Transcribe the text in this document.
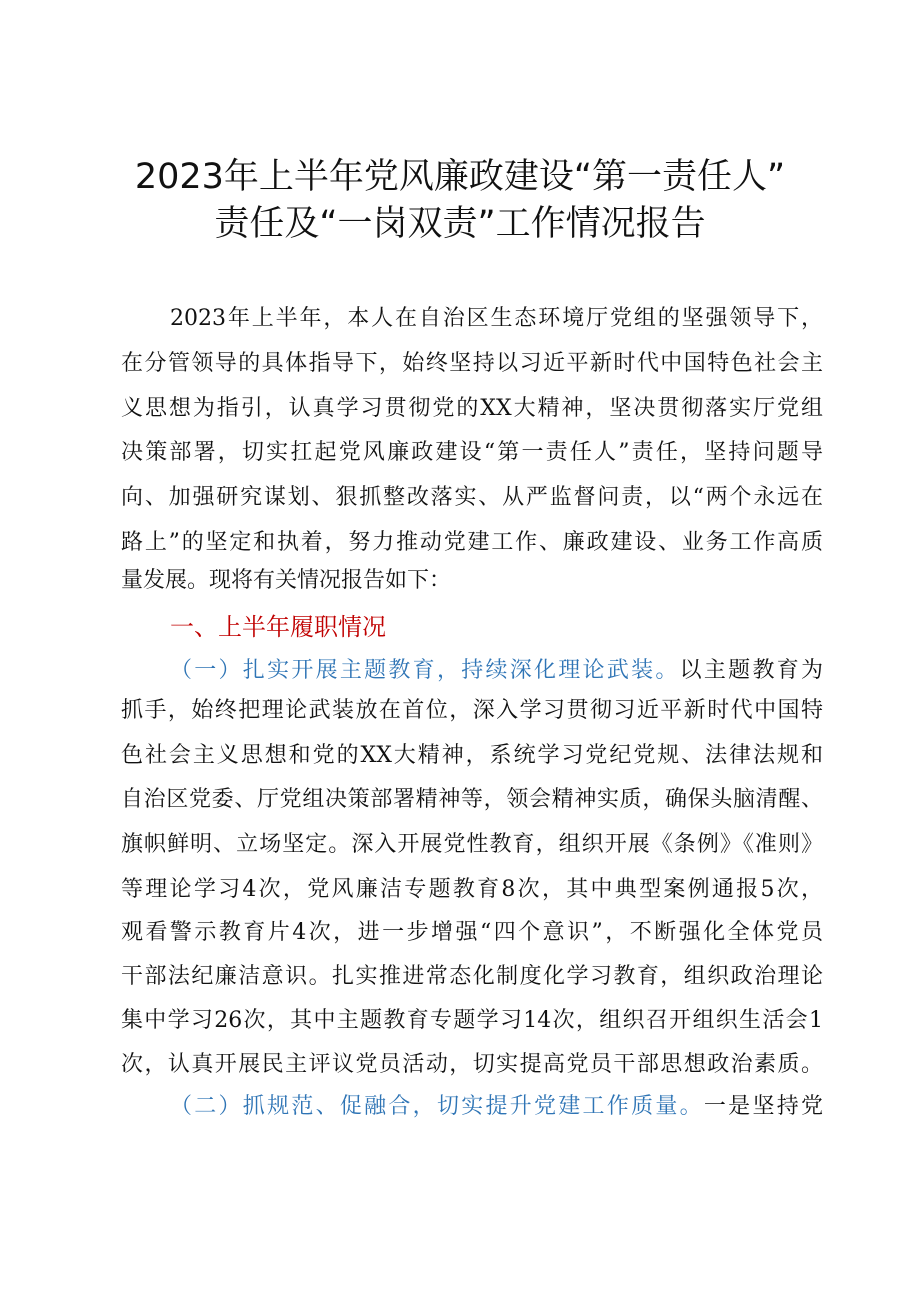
2023年上半年党风廉政建设“第一责任人”
责任及“一岗双责”工作情况报告
2023年上半年，本人在自治区生态环境厅党组的坚强领导下，
在分管领导的具体指导下，始终坚持以习近平新时代中国特色社会主
义思想为指引，认真学习贯彻党的XX大精神，坚决贯彻落实厅党组
决策部署，切实扛起党风廉政建设“第一责任人”责任，坚持问题导
向、加强研究谋划、狠抓整改落实、从严监督问责，以“两个永远在
路上”的坚定和执着，努力推动党建工作、廉政建设、业务工作高质
量发展。现将有关情况报告如下：
一、上半年履职情况
（一）扎实开展主题教育，持续深化理论武装。以主题教育为
抓手，始终把理论武装放在首位，深入学习贯彻习近平新时代中国特
色社会主义思想和党的XX大精神，系统学习党纪党规、法律法规和
自治区党委、厅党组决策部署精神等，领会精神实质，确保头脑清醒、
旗帜鲜明、立场坚定。深入开展党性教育，组织开展《条例》《准则》
等理论学习4次，党风廉洁专题教育8次，其中典型案例通报5次，
观看警示教育片4次，进一步增强“四个意识”，不断强化全体党员
干部法纪廉洁意识。扎实推进常态化制度化学习教育，组织政治理论
集中学习26次，其中主题教育专题学习14次，组织召开组织生活会1
次，认真开展民主评议党员活动，切实提高党员干部思想政治素质。
（二）抓规范、促融合，切实提升党建工作质量。一是坚持党
